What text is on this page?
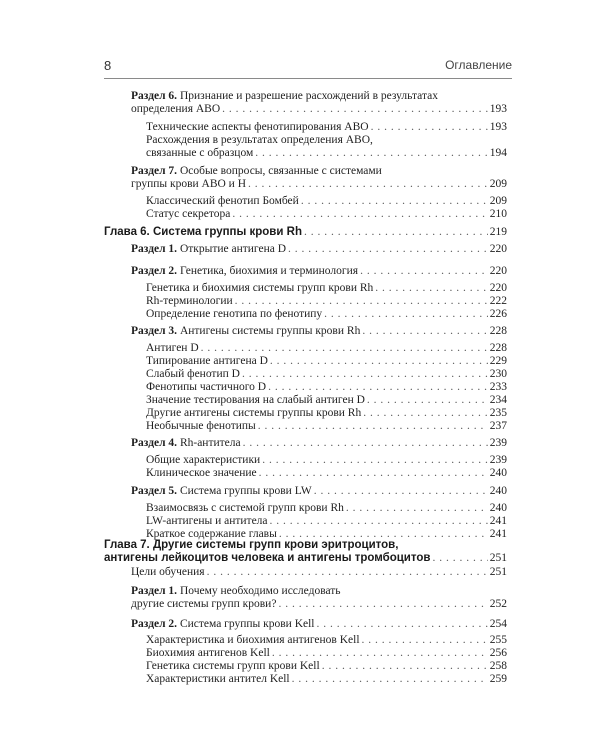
8	Оглавление
Раздел 6. Признание и разрешение расхождений в результатах
определения АВО . . .	193
Технические аспекты фенотипирования АВО . . .	193
Расхождения в результатах определения АВО,
связанные с образцом . . .	194
Раздел 7. Особые вопросы, связанные с системами
группы крови АВО и Н . . .	209
Классический фенотип Бомбей . . .	209
Статус секретора . . .	210
Глава 6. Система группы крови Rh . . .	219
Раздел 1. Открытие антигена D . . .	220
Раздел 2. Генетика, биохимия и терминология . . .	220
Генетика и биохимия системы групп крови Rh . . .	220
Rh-терминологии . . .	222
Определение генотипа по фенотипу . . .	226
Раздел 3. Антигены системы группы крови Rh . . .	228
Антиген D . . .	228
Типирование антигена D . . .	229
Слабый фенотип D . . .	230
Фенотипы частичного D . . .	233
Значение тестирования на слабый антиген D . . .	234
Другие антигены системы группы крови Rh . . .	235
Необычные фенотипы . . .	237
Раздел 4. Rh-антитела . . .	239
Общие характеристики . . .	239
Клиническое значение . . .	240
Раздел 5. Система группы крови LW . . .	240
Взаимосвязь с системой групп крови Rh . . .	240
LW-антигены и антитела . . .	241
Краткое содержание главы . . .	241
Глава 7. Другие системы групп крови эритроцитов,
антигены лейкоцитов человека и антигены тромбоцитов . . .	251
Цели обучения . . .	251
Раздел 1. Почему необходимо исследовать
другие системы групп крови? . . .	252
Раздел 2. Система группы крови Kell . . .	254
Характеристика и биохимия антигенов Kell . . .	255
Биохимия антигенов Kell . . .	256
Генетика системы групп крови Kell . . .	258
Характеристики антител Kell . . .	259
